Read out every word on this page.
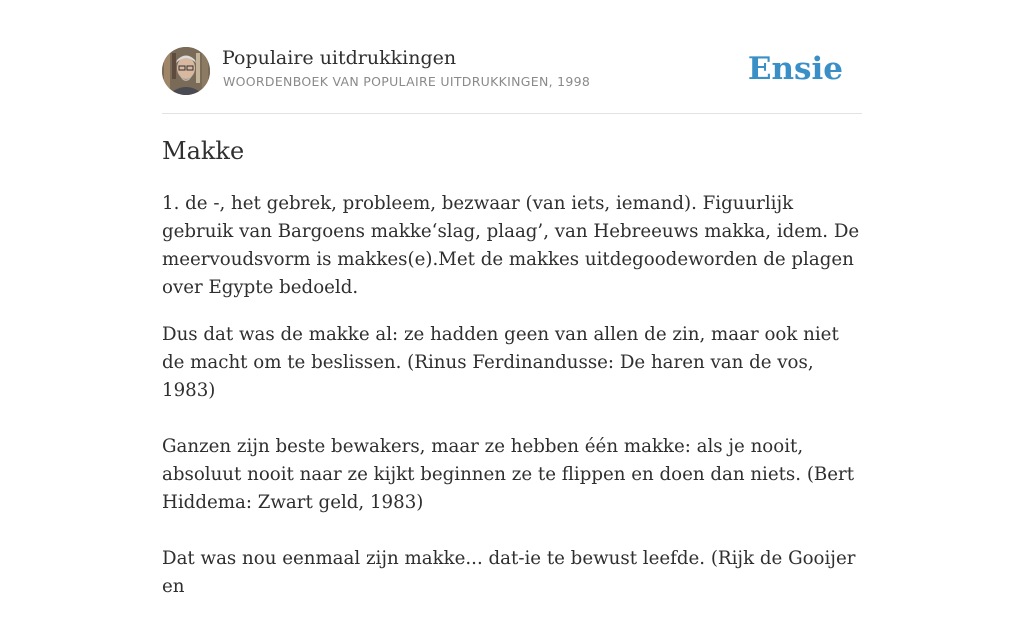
Populaire uitdrukkingen
WOORDENBOEK VAN POPULAIRE UITDRUKKINGEN, 1998	Ensie
Makke

1. de -, het gebrek, probleem, bezwaar (van iets, iemand). Figuurlijk gebruik van Bargoens makke‘slag, plaag’, van Hebreeuws makka, idem. De meervoudsvorm is makkes(e).Met de makkes uitdegoodeworden de plagen over Egypte bedoeld.

Dus dat was de makke al: ze hadden geen van allen de zin, maar ook niet de macht om te beslissen. (Rinus Ferdinandusse: De haren van de vos, 1983)

Ganzen zijn beste bewakers, maar ze hebben één makke: als je nooit, absoluut nooit naar ze kijkt beginnen ze te flippen en doen dan niets. (Bert Hiddema: Zwart geld, 1983)

Dat was nou eenmaal zijn makke... dat-ie te bewust leefde. (Rijk de Gooijer en
